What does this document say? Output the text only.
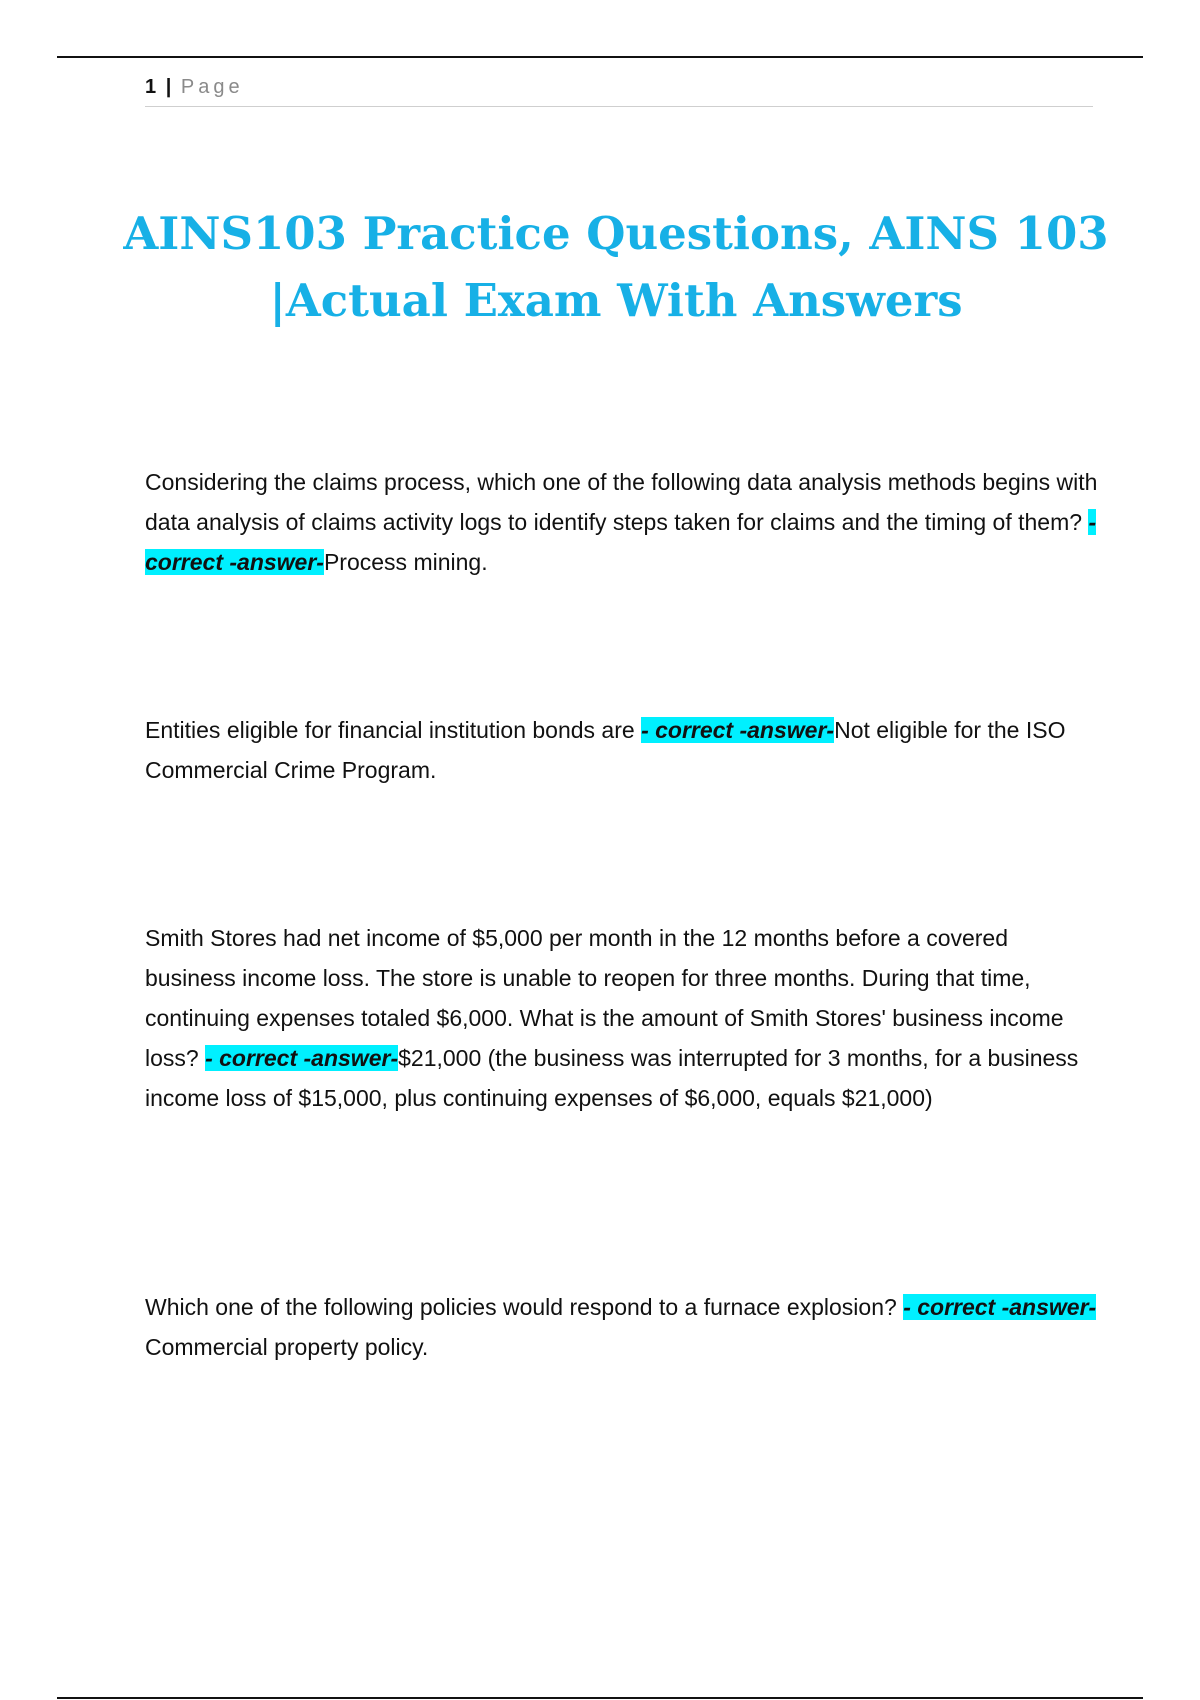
1 | Page
AINS103 Practice Questions, AINS 103
|Actual Exam With Answers

Considering the claims process, which one of the following data analysis methods begins with data analysis of claims activity logs to identify steps taken for claims and the timing of them? - correct -answer-Process mining.

Entities eligible for financial institution bonds are - correct -answer-Not eligible for the ISO Commercial Crime Program.

Smith Stores had net income of $5,000 per month in the 12 months before a covered business income loss. The store is unable to reopen for three months. During that time, continuing expenses totaled $6,000. What is the amount of Smith Stores' business income loss? - correct -answer-$21,000 (the business was interrupted for 3 months, for a business income loss of $15,000, plus continuing expenses of $6,000, equals $21,000)

Which one of the following policies would respond to a furnace explosion? - correct -answer-Commercial property policy.
